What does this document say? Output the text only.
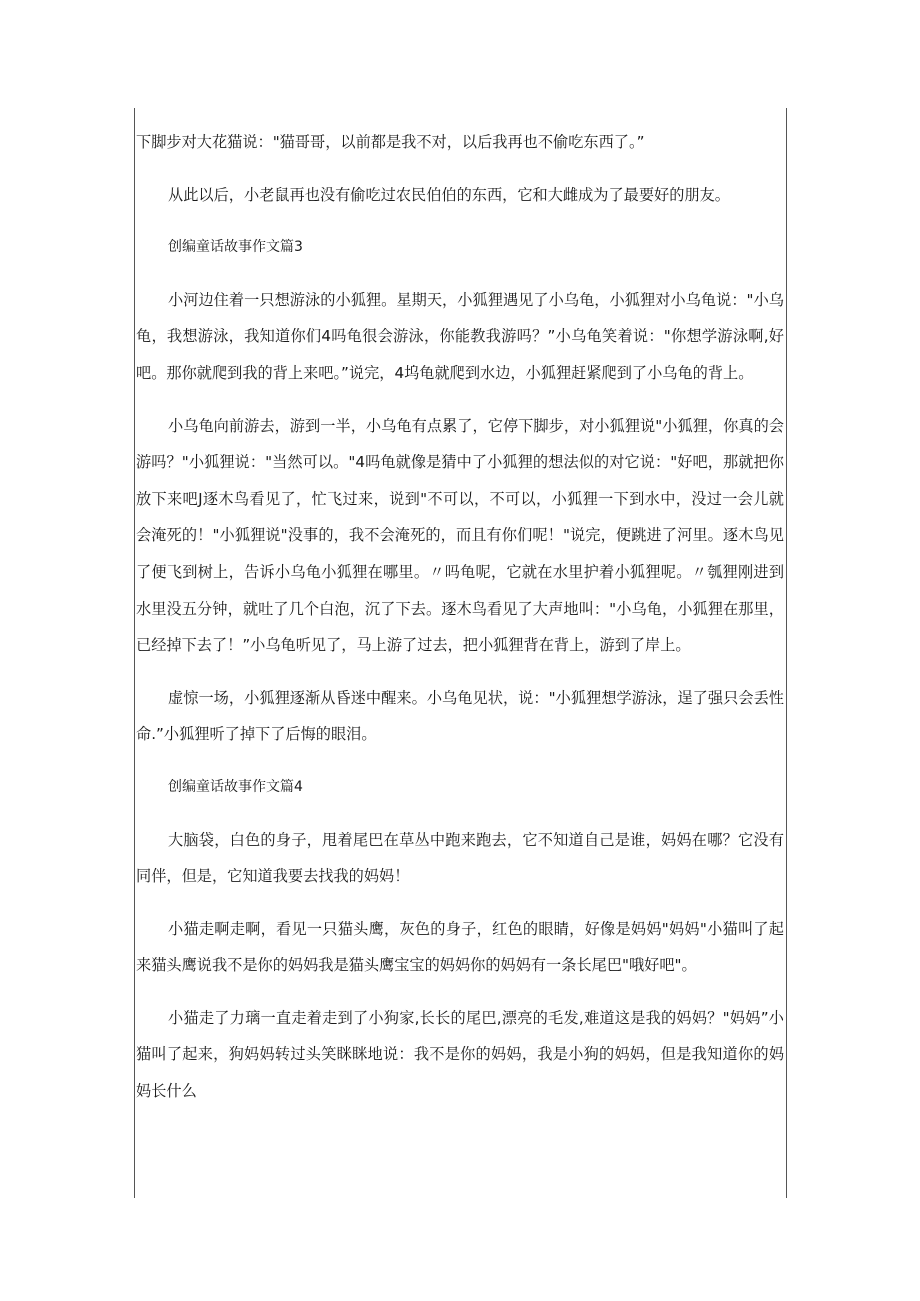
下脚步对大花猫说："猫哥哥，以前都是我不对，以后我再也不偷吃东西了。”

从此以后，小老鼠再也没有偷吃过农民伯伯的东西，它和大雌成为了最要好的朋友。

创编童话故事作文篇3

小河边住着一只想游泳的小狐狸。星期天，小狐狸遇见了小乌龟，小狐狸对小乌龟说："小乌龟，我想游泳，我知道你们4吗龟很会游泳，你能教我游吗？”小乌龟笑着说："你想学游泳啊,好吧。那你就爬到我的背上来吧。”说完，4坞龟就爬到水边，小狐狸赶紧爬到了小乌龟的背上。

小乌龟向前游去，游到一半，小乌龟有点累了，它停下脚步，对小狐狸说"小狐狸，你真的会游吗？"小狐狸说："当然可以。"4吗龟就像是猜中了小狐狸的想法似的对它说："好吧，那就把你放下来吧J逐木鸟看见了，忙飞过来，说到"不可以，不可以，小狐狸一下到水中，没过一会儿就会淹死的！"小狐狸说"没事的，我不会淹死的，而且有你们呢！"说完，便跳进了河里。逐木鸟见了便飞到树上，告诉小乌龟小狐狸在哪里。〃吗龟呢，它就在水里护着小狐狸呢。〃瓠狸刚进到水里没五分钟，就吐了几个白泡，沉了下去。逐木鸟看见了大声地叫："小乌龟，小狐狸在那里，已经掉下去了！”小乌龟听见了，马上游了过去，把小狐狸背在背上，游到了岸上。

虚惊一场，小狐狸逐渐从昏迷中醒来。小乌龟见状，说："小狐狸想学游泳，逞了强只会丢性命.”小狐狸听了掉下了后悔的眼泪。

创编童话故事作文篇4

大脑袋，白色的身子，甩着尾巴在草丛中跑来跑去，它不知道自己是谁，妈妈在哪？它没有同伴，但是，它知道我要去找我的妈妈！

小猫走啊走啊，看见一只猫头鹰，灰色的身子，红色的眼睛，好像是妈妈"妈妈"小猫叫了起来猫头鹰说我不是你的妈妈我是猫头鹰宝宝的妈妈你的妈妈有一条长尾巴"哦好吧"。

小猫走了力璃一直走着走到了小狗家,长长的尾巴,漂亮的毛发,难道这是我的妈妈？"妈妈”小猫叫了起来，狗妈妈转过头笑眯眯地说：我不是你的妈妈，我是小狗的妈妈，但是我知道你的妈妈长什么
